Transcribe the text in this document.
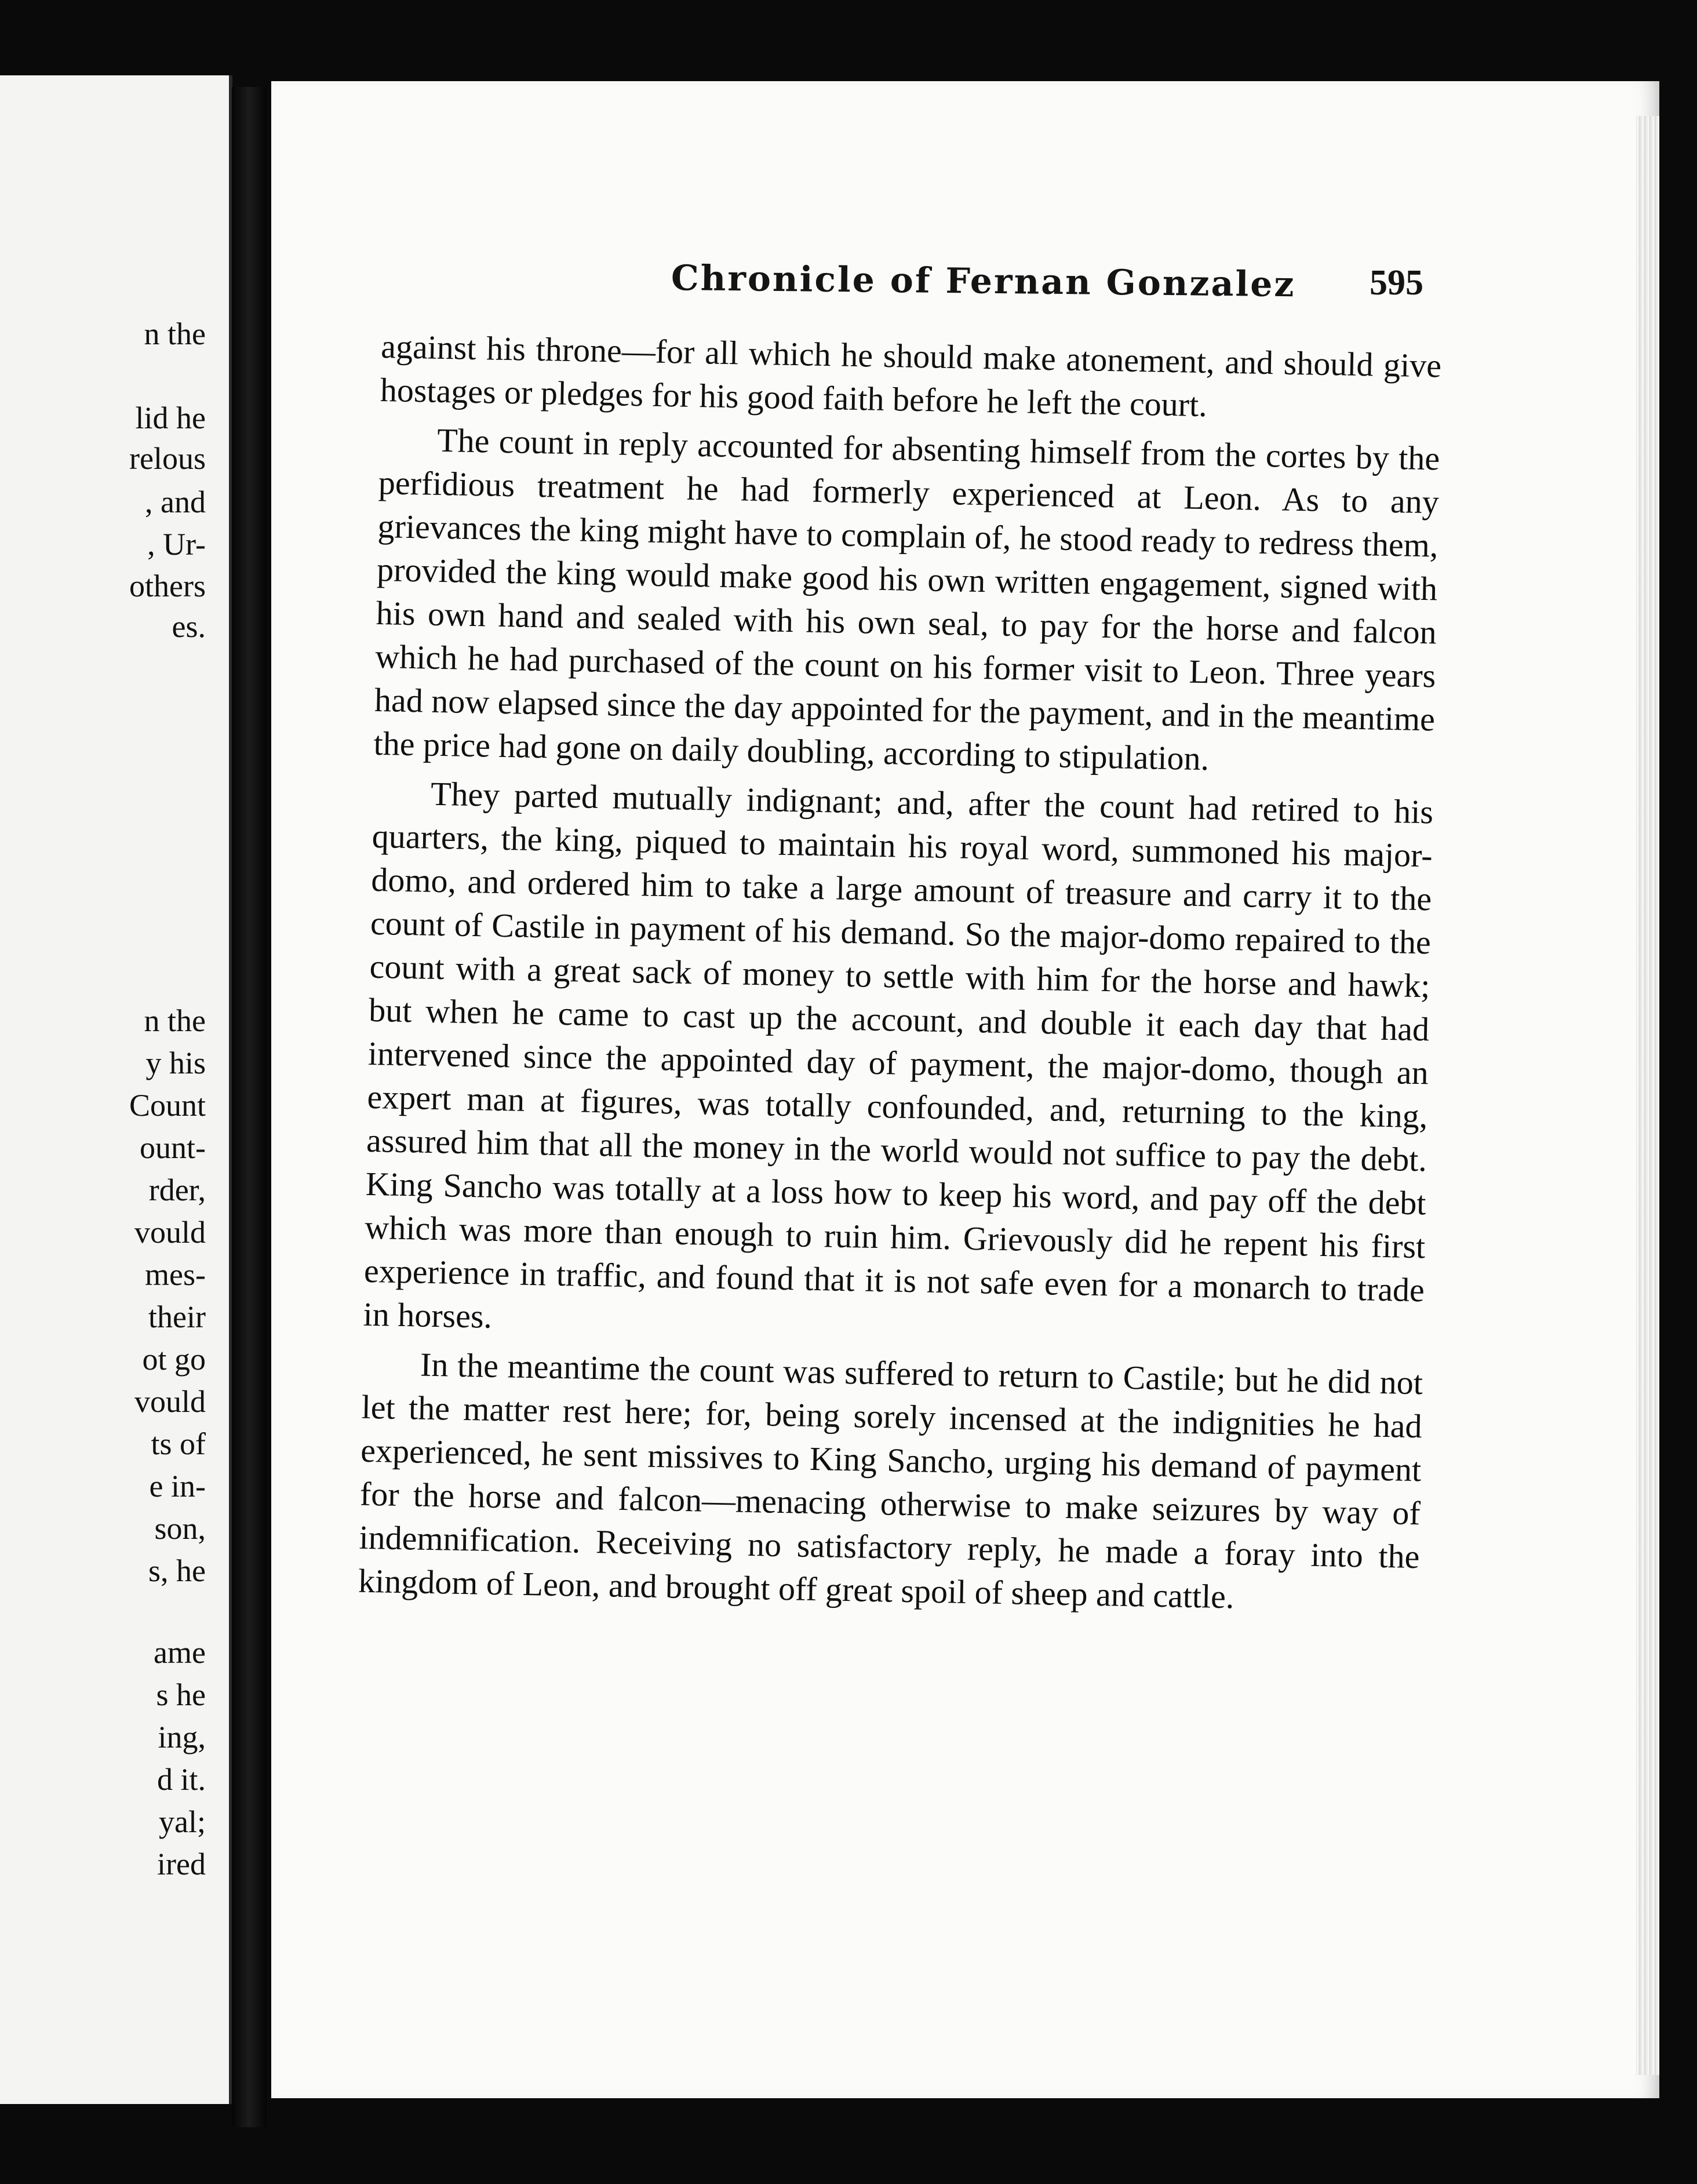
n the
lid he
relous
, and
, Ur-
others
es.
n the
y his
Count
ount-
rder,
vould
mes-
their
ot go
vould
ts of
e in-
son,
s, he
ame
s he
ing,
d it.
yal;
ired
Chronicle of Fernan Gonzalez 595

against his throne—for all which he should make atonement, and should give hostages or pledges for his good faith before he left the court.

The count in reply accounted for absenting himself from the cortes by the perfidious treatment he had formerly experienced at Leon. As to any grievances the king might have to complain of, he stood ready to redress them, provided the king would make good his own written engagement, signed with his own hand and sealed with his own seal, to pay for the horse and falcon which he had purchased of the count on his former visit to Leon. Three years had now elapsed since the day appointed for the payment, and in the meantime the price had gone on daily doubling, according to stipulation.

They parted mutually indignant; and, after the count had retired to his quarters, the king, piqued to maintain his royal word, summoned his major-domo, and ordered him to take a large amount of treasure and carry it to the count of Castile in payment of his demand. So the major-domo repaired to the count with a great sack of money to settle with him for the horse and hawk; but when he came to cast up the account, and double it each day that had intervened since the appointed day of payment, the major-domo, though an expert man at figures, was totally confounded, and, returning to the king, assured him that all the money in the world would not suffice to pay the debt. King Sancho was totally at a loss how to keep his word, and pay off the debt which was more than enough to ruin him. Grievously did he repent his first experience in traffic, and found that it is not safe even for a monarch to trade in horses.

In the meantime the count was suffered to return to Castile; but he did not let the matter rest here; for, being sorely incensed at the indignities he had experienced, he sent missives to King Sancho, urging his demand of payment for the horse and falcon—menacing otherwise to make seizures by way of indemnification. Receiving no satisfactory reply, he made a foray into the kingdom of Leon, and brought off great spoil of sheep and cattle.
